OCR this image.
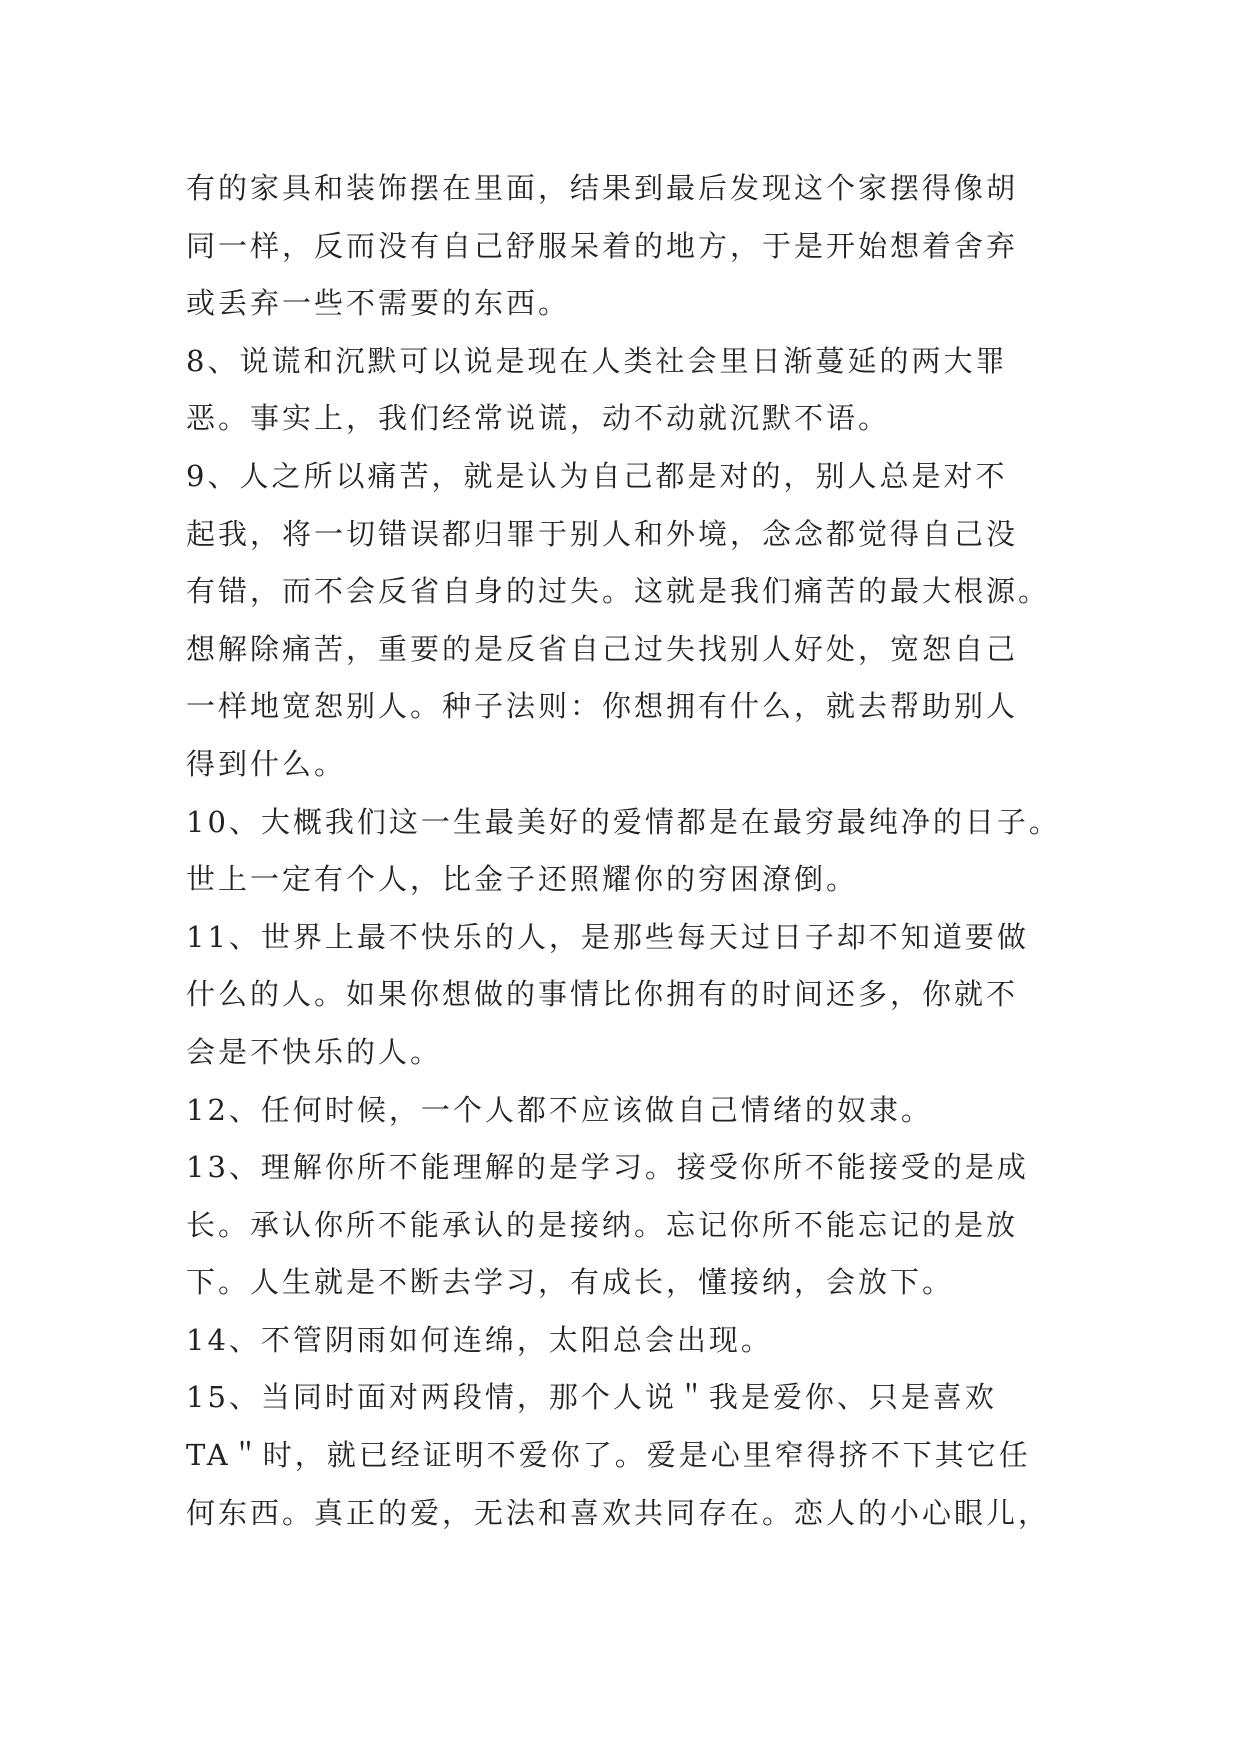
有的家具和装饰摆在里面，结果到最后发现这个家摆得像胡
同一样，反而没有自己舒服呆着的地方，于是开始想着舍弃
或丢弃一些不需要的东西。
8、说谎和沉默可以说是现在人类社会里日渐蔓延的两大罪
恶。事实上，我们经常说谎，动不动就沉默不语。
9、人之所以痛苦，就是认为自己都是对的，别人总是对不
起我，将一切错误都归罪于别人和外境，念念都觉得自己没
有错，而不会反省自身的过失。这就是我们痛苦的最大根源。
想解除痛苦，重要的是反省自己过失找别人好处，宽恕自己
一样地宽恕别人。种子法则：你想拥有什么，就去帮助别人
得到什么。
10、大概我们这一生最美好的爱情都是在最穷最纯净的日子。
世上一定有个人，比金子还照耀你的穷困潦倒。
11、世界上最不快乐的人，是那些每天过日子却不知道要做
什么的人。如果你想做的事情比你拥有的时间还多，你就不
会是不快乐的人。
12、任何时候，一个人都不应该做自己情绪的奴隶。
13、理解你所不能理解的是学习。接受你所不能接受的是成
长。承认你所不能承认的是接纳。忘记你所不能忘记的是放
下。人生就是不断去学习，有成长，懂接纳，会放下。
14、不管阴雨如何连绵，太阳总会出现。
15、当同时面对两段情，那个人说＂我是爱你、只是喜欢
TA＂时，就已经证明不爱你了。爱是心里窄得挤不下其它任
何东西。真正的爱，无法和喜欢共同存在。恋人的小心眼儿，
